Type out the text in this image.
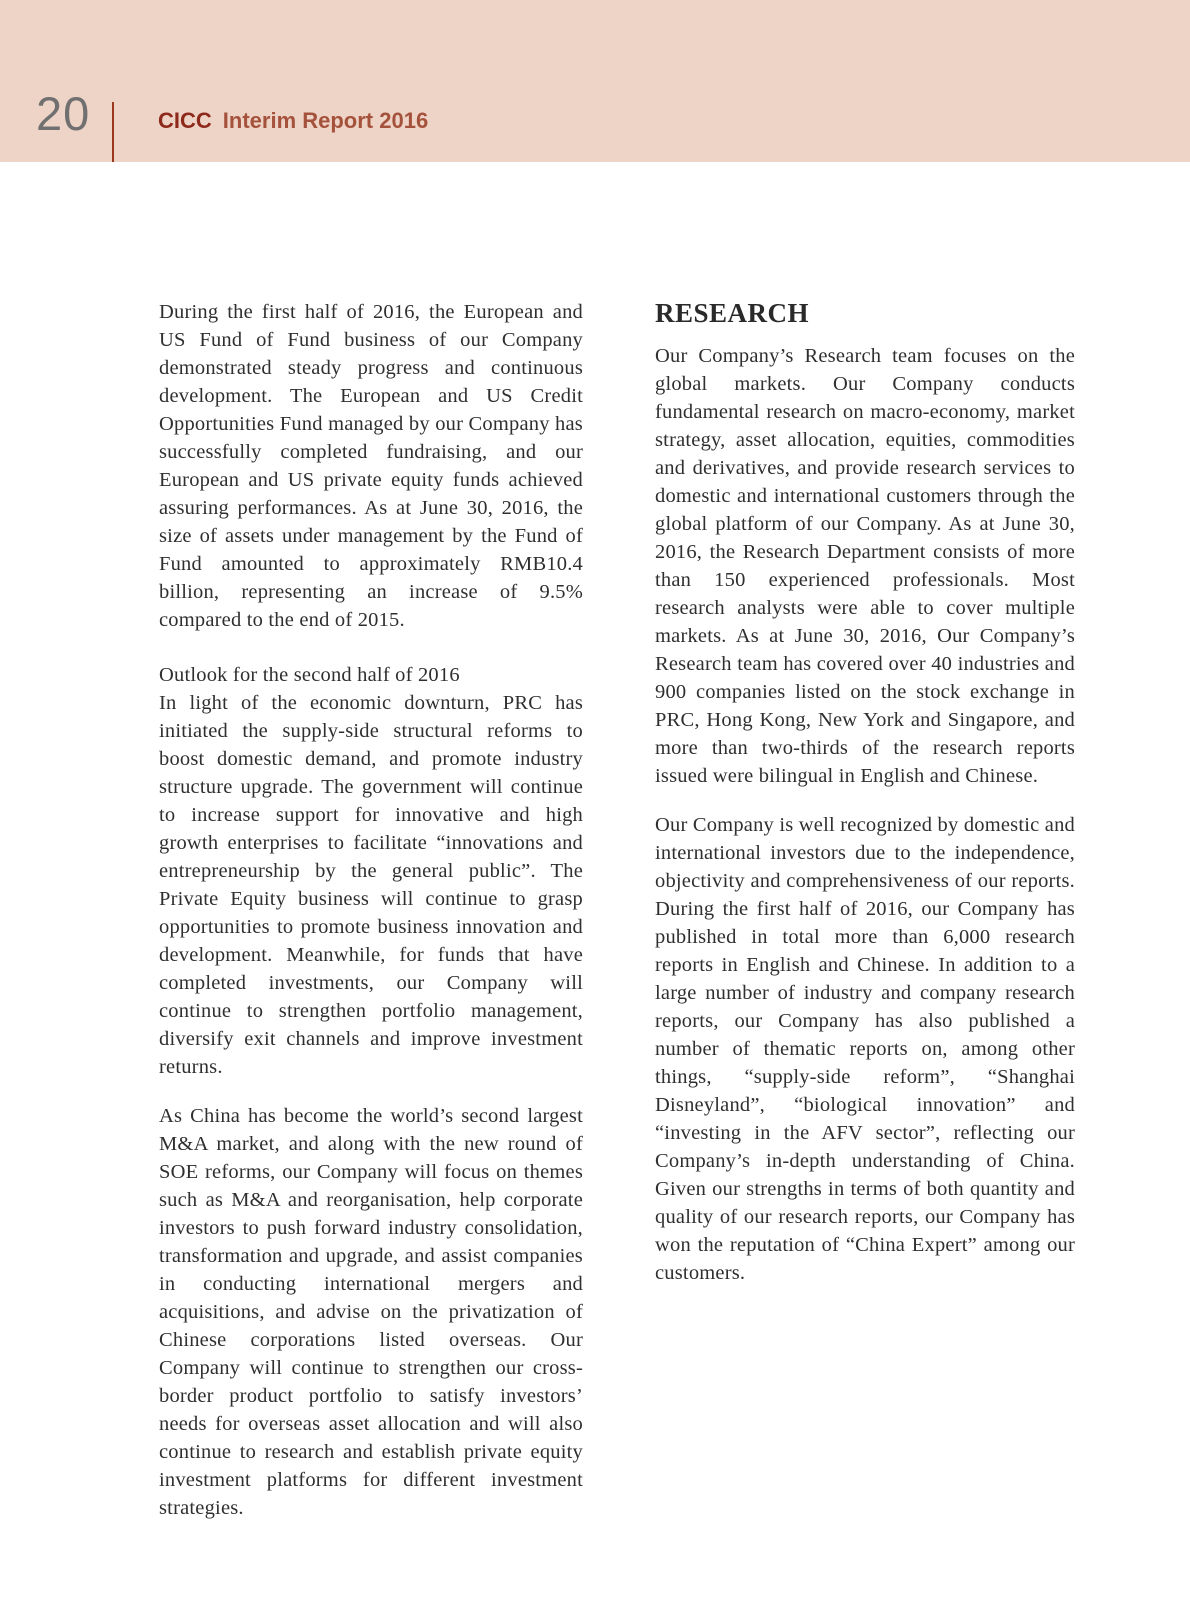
20	CICC Interim Report 2016

During the first half of 2016, the European and US Fund of Fund business of our Company demonstrated steady progress and continuous development. The European and US Credit Opportunities Fund managed by our Company has successfully completed fundraising, and our European and US private equity funds achieved assuring performances. As at June 30, 2016, the size of assets under management by the Fund of Fund amounted to approximately RMB10.4 billion, representing an increase of 9.5% compared to the end of 2015.

Outlook for the second half of 2016

In light of the economic downturn, PRC has initiated the supply-side structural reforms to boost domestic demand, and promote industry structure upgrade. The government will continue to increase support for innovative and high growth enterprises to facilitate “innovations and entrepreneurship by the general public”. The Private Equity business will continue to grasp opportunities to promote business innovation and development. Meanwhile, for funds that have completed investments, our Company will continue to strengthen portfolio management, diversify exit channels and improve investment returns.

As China has become the world’s second largest M&A market, and along with the new round of SOE reforms, our Company will focus on themes such as M&A and reorganisation, help corporate investors to push forward industry consolidation, transformation and upgrade, and assist companies in conducting international mergers and acquisitions, and advise on the privatization of Chinese corporations listed overseas. Our Company will continue to strengthen our cross-border product portfolio to satisfy investors’ needs for overseas asset allocation and will also continue to research and establish private equity investment platforms for different investment strategies.

RESEARCH

Our Company’s Research team focuses on the global markets. Our Company conducts fundamental research on macro-economy, market strategy, asset allocation, equities, commodities and derivatives, and provide research services to domestic and international customers through the global platform of our Company. As at June 30, 2016, the Research Department consists of more than 150 experienced professionals. Most research analysts were able to cover multiple markets. As at June 30, 2016, Our Company’s Research team has covered over 40 industries and 900 companies listed on the stock exchange in PRC, Hong Kong, New York and Singapore, and more than two-thirds of the research reports issued were bilingual in English and Chinese.

Our Company is well recognized by domestic and international investors due to the independence, objectivity and comprehensiveness of our reports. During the first half of 2016, our Company has published in total more than 6,000 research reports in English and Chinese. In addition to a large number of industry and company research reports, our Company has also published a number of thematic reports on, among other things, “supply-side reform”, “Shanghai Disneyland”, “biological innovation” and “investing in the AFV sector”, reflecting our Company’s in-depth understanding of China. Given our strengths in terms of both quantity and quality of our research reports, our Company has won the reputation of “China Expert” among our customers.
